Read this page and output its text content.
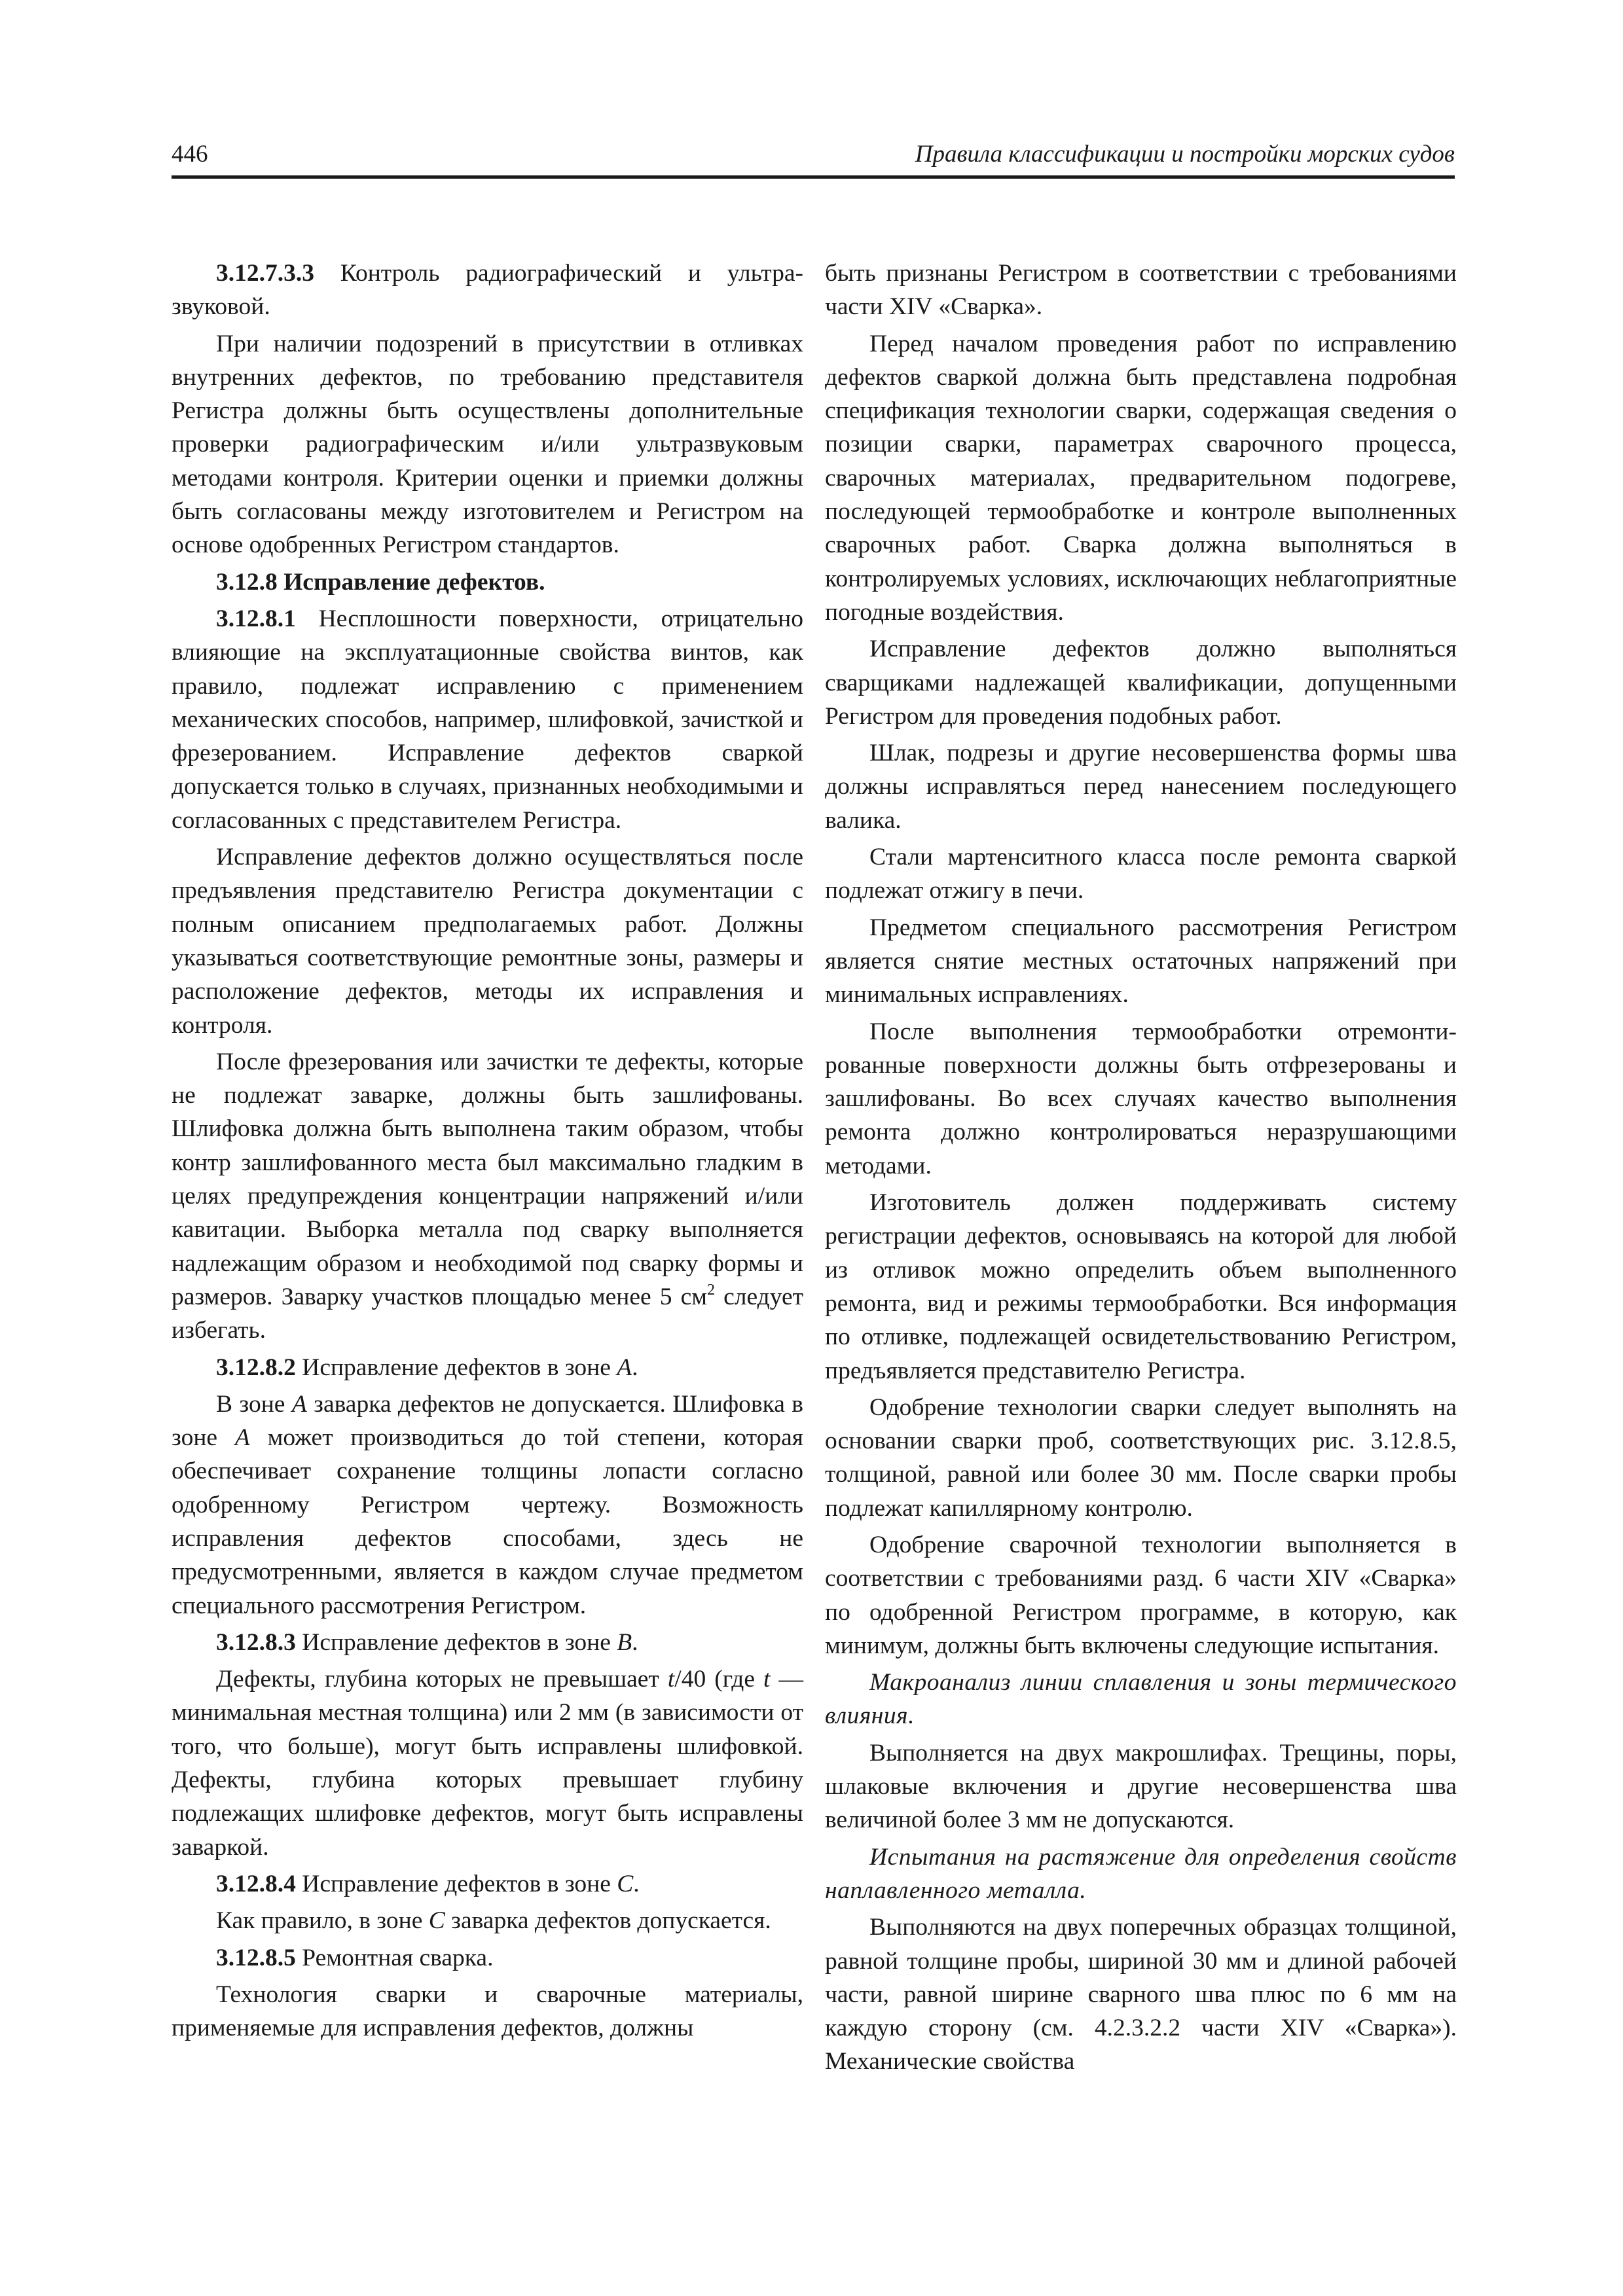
446	Правила классификации и постройки морских судов

3.12.7.3.3 Контроль радиографический и ультразвуковой.

При наличии подозрений в присутствии в отливках внутренних дефектов, по требованию представителя Регистра должны быть осуществлены дополнительные проверки радиографическим и/или ультразвуковым методами контроля. Критерии оценки и приемки должны быть согласованы между изготовителем и Регистром на основе одобренных Регистром стандартов.

3.12.8 Исправление дефектов.

3.12.8.1 Несплошности поверхности, отрицательно влияющие на эксплуатационные свойства винтов, как правило, подлежат исправлению с применением механических способов, например, шлифовкой, зачисткой и фрезерованием. Исправление дефектов сваркой допускается только в случаях, признанных необходимыми и согласованных с представителем Регистра.

Исправление дефектов должно осуществляться после предъявления представителю Регистра документации с полным описанием предполагаемых работ. Должны указываться соответствующие ремонтные зоны, размеры и расположение дефектов, методы их исправления и контроля.

После фрезерования или зачистки те дефекты, которые не подлежат заварке, должны быть зашлифованы. Шлифовка должна быть выполнена таким образом, чтобы контр зашлифованного места был максимально гладким в целях предупреждения концентрации напряжений и/или кавитации. Выборка металла под сварку выполняется надлежащим образом и необходимой под сварку формы и размеров. Заварку участков площадью менее 5 $см^2$ следует избегать.

3.12.8.2 Исправление дефектов в зоне A.

В зоне A заварка дефектов не допускается. Шлифовка в зоне A может производиться до той степени, которая обеспечивает сохранение толщины лопасти согласно одобренному Регистром чертежу. Возможность исправления дефектов способами, здесь не предусмотренными, является в каждом случае предметом специального рассмотрения Регистром.

3.12.8.3 Исправление дефектов в зоне B.

Дефекты, глубина которых не превышает t/40 (где t — минимальная местная толщина) или 2 мм (в зависимости от того, что больше), могут быть исправлены шлифовкой. Дефекты, глубина которых превышает глубину подлежащих шлифовке дефектов, могут быть исправлены заваркой.

3.12.8.4 Исправление дефектов в зоне C.

Как правило, в зоне C заварка дефектов допускается.

3.12.8.5 Ремонтная сварка.

Технология сварки и сварочные материалы, применяемые для исправления дефектов, должны

быть признаны Регистром в соответствии с требованиями части XIV «Сварка».

Перед началом проведения работ по исправлению дефектов сваркой должна быть представлена подробная спецификация технологии сварки, содержащая сведения о позиции сварки, параметрах сварочного процесса, сварочных материалах, предварительном подогреве, последующей термообработке и контроле выполненных сварочных работ. Сварка должна выполняться в контролируемых условиях, исключающих неблагоприятные погодные воздействия.

Исправление дефектов должно выполняться сварщиками надлежащей квалификации, допущенными Регистром для проведения подобных работ.

Шлак, подрезы и другие несовершенства формы шва должны исправляться перед нанесением последующего валика.

Стали мартенситного класса после ремонта сваркой подлежат отжигу в печи.

Предметом специального рассмотрения Регистром является снятие местных остаточных напряжений при минимальных исправлениях.

После выполнения термообработки отремонтированные поверхности должны быть отфрезерованы и зашлифованы. Во всех случаях качество выполнения ремонта должно контролироваться неразрушающими методами.

Изготовитель должен поддерживать систему регистрации дефектов, основываясь на которой для любой из отливок можно определить объем выполненного ремонта, вид и режимы термообработки. Вся информация по отливке, подлежащей освидетельствованию Регистром, предъявляется представителю Регистра.

Одобрение технологии сварки следует выполнять на основании сварки проб, соответствующих рис. 3.12.8.5, толщиной, равной или более 30 мм. После сварки пробы подлежат капиллярному контролю.

Одобрение сварочной технологии выполняется в соответствии с требованиями разд. 6 части XIV «Сварка» по одобренной Регистром программе, в которую, как минимум, должны быть включены следующие испытания.

Макроанализ линии сплавления и зоны термического влияния.

Выполняется на двух макрошлифах. Трещины, поры, шлаковые включения и другие несовершенства шва величиной более 3 мм не допускаются.

Испытания на растяжение для определения свойств наплавленного металла.

Выполняются на двух поперечных образцах толщиной, равной толщине пробы, шириной 30 мм и длиной рабочей части, равной ширине сварного шва плюс по 6 мм на каждую сторону (см. 4.2.3.2.2 части XIV «Сварка»). Механические свойства
